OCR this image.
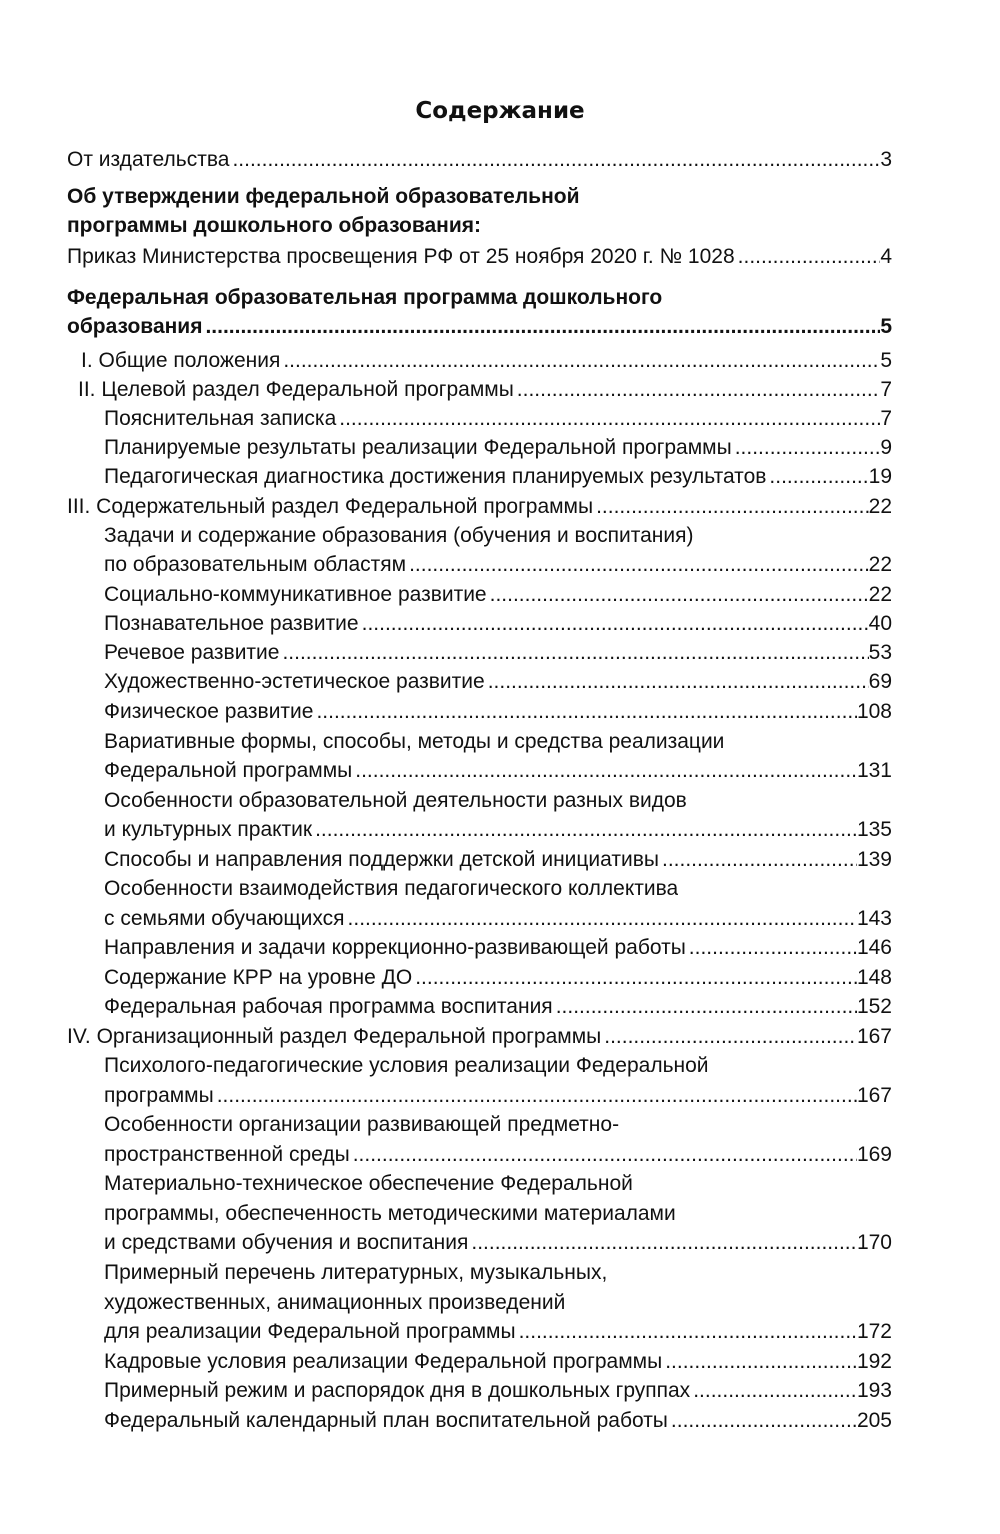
Содержание
От издательства .....	3
Об утверждении федеральной образовательной
программы дошкольного образования:
Приказ Министерства просвещения РФ от 25 ноября 2020 г. № 1028 .....	4
Федеральная образовательная программа дошкольного
образования .....	5
I. Общие положения .....	5
II. Целевой раздел Федеральной программы .....	7
Пояснительная записка .....	7
Планируемые результаты реализации Федеральной программы .....	9
Педагогическая диагностика достижения планируемых результатов .....	19
III. Содержательный раздел Федеральной программы .....	22
Задачи и содержание образования (обучения и воспитания)
по образовательным областям .....	22
Социально-коммуникативное развитие .....	22
Познавательное развитие .....	40
Речевое развитие .....	53
Художественно-эстетическое развитие .....	69
Физическое развитие .....	108
Вариативные формы, способы, методы и средства реализации
Федеральной программы .....	131
Особенности образовательной деятельности разных видов
и культурных практик .....	135
Способы и направления поддержки детской инициативы .....	139
Особенности взаимодействия педагогического коллектива
с семьями обучающихся .....	143
Направления и задачи коррекционно-развивающей работы .....	146
Содержание КРР на уровне ДО .....	148
Федеральная рабочая программа воспитания .....	152
IV. Организационный раздел Федеральной программы .....	167
Психолого-педагогические условия реализации Федеральной
программы .....	167
Особенности организации развивающей предметно-
пространственной среды .....	169
Материально-техническое обеспечение Федеральной
программы, обеспеченность методическими материалами
и средствами обучения и воспитания .....	170
Примерный перечень литературных, музыкальных,
художественных, анимационных произведений
для реализации Федеральной программы .....	172
Кадровые условия реализации Федеральной программы .....	192
Примерный режим и распорядок дня в дошкольных группах .....	193
Федеральный календарный план воспитательной работы .....	205
